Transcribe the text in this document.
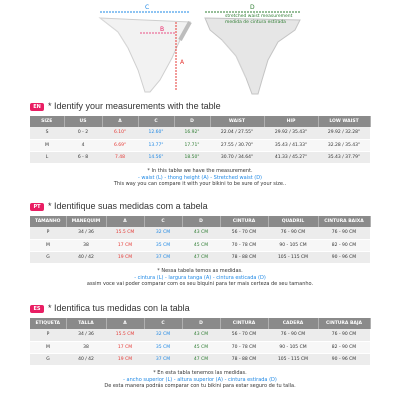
C
B
A
D
stretched waist measurement
medida de cintura estirada
EN * Identify your measurements with the table
SIZE	US	A	C	D	WAIST	HIP	LOW WAIST
S	0 - 2	6.10"	12.60"	16.92"	22.04 / 27.55"	29.92 / 35.43"	29.92 / 32.28"
M	4	6.69"	13.77"	17.71"	27.55 / 30.70"	35.43 / 41.33"	32.28 / 35.43"
L	6 - 8	7.48	14.56"	18.50"	30.70 / 34.64"	41.33 / 45.27"	35.43 / 37.79"
* In this tablw we have the measurement.
- waist (L) - thong height (A) - Stretched waist (D)
This way you can compare it with your bikini to be sure of your size..
PT * Identifique suas medidas com a tabela
TAMANHO	MANEQUIM	A	C	D	CINTURA	QUADRIL	CINTURA BAIXA
P	34 / 36	15.5 CM	32 CM	43 CM	56 - 70 CM	76 - 90 CM	76 - 90 CM
M	38	17 CM	35 CM	45 CM	70 - 78 CM	90 - 105 CM	82 - 90 CM
G	40 / 42	19 CM	37 CM	47 CM	78 - 88 CM	105 - 115 CM	90 - 96 CM
* Nessa tabela temos as medidas.
- cintura (L) - largura tanga (A) - cintura esticada (D)
assim voce vai poder comparar com os seu biquini para ter mais certeza de seu tamanho.
ES * Identifica tus medidas con la tabla
ETIQUETA	TALLA	A	C	D	CINTURA	CADERA	CINTURA BAJA
P	34 / 36	15.5 CM	32 CM	43 CM	56 - 70 CM	76 - 90 CM	76 - 90 CM
M	38	17 CM	35 CM	45 CM	70 - 78 CM	90 - 105 CM	82 - 90 CM
G	40 / 42	19 CM	37 CM	47 CM	78 - 88 CM	105 - 115 CM	90 - 96 CM
* En esta tabla tenemos las medidas.
- ancho superior (L) - altura superior (A) - cintura estirada (D)
De esta manera podrás comparar con tu bikini para estar seguro de tu talla.
